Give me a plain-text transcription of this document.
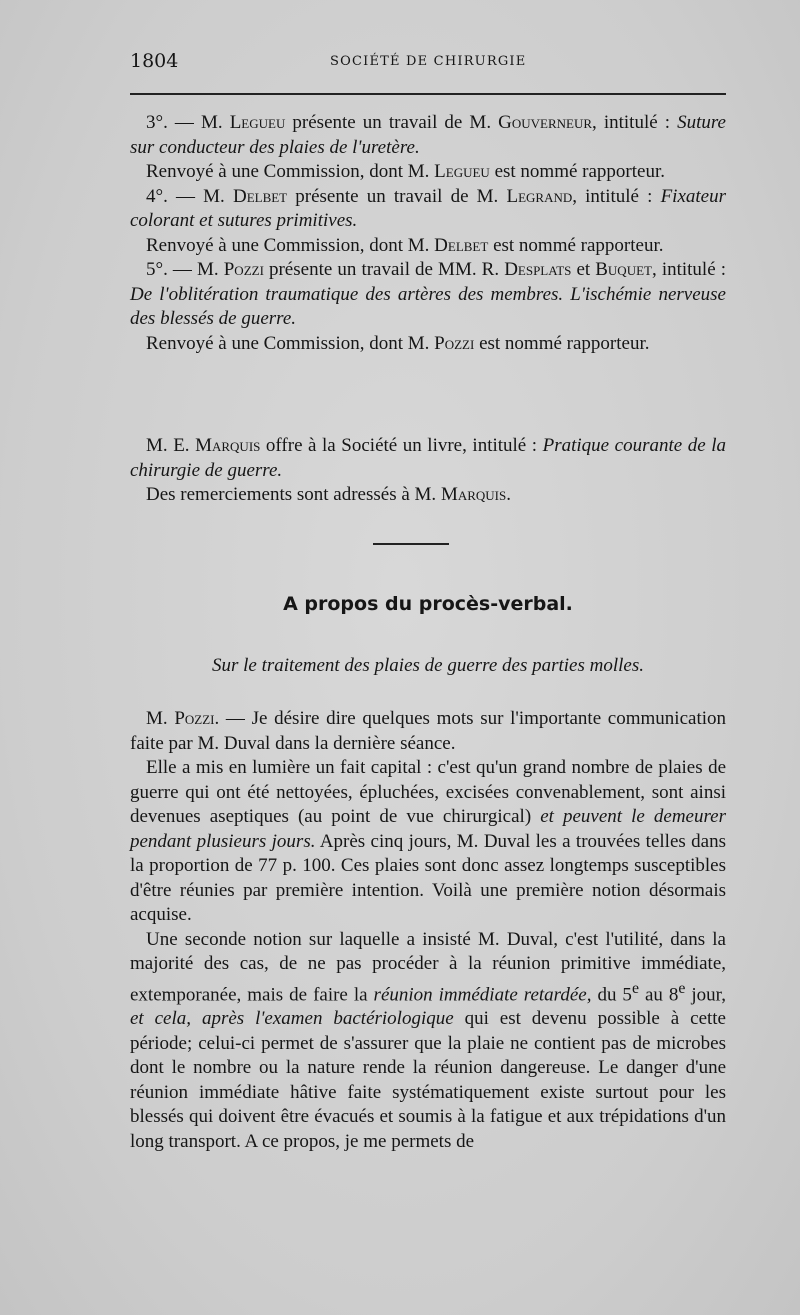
1804	SOCIÉTÉ DE CHIRURGIE

3°. — M. Legueu présente un travail de M. Gouverneur, intitulé : Suture sur conducteur des plaies de l'uretère.

Renvoyé à une Commission, dont M. Legueu est nommé rapporteur.

4°. — M. Delbet présente un travail de M. Legrand, intitulé : Fixateur colorant et sutures primitives.

Renvoyé à une Commission, dont M. Delbet est nommé rapporteur.

5°. — M. Pozzi présente un travail de MM. R. Desplats et Buquet, intitulé : De l'oblitération traumatique des artères des membres. L'ischémie nerveuse des blessés de guerre.

Renvoyé à une Commission, dont M. Pozzi est nommé rapporteur.

M. E. Marquis offre à la Société un livre, intitulé : Pratique courante de la chirurgie de guerre.

Des remerciements sont adressés à M. Marquis.

A propos du procès-verbal.
Sur le traitement des plaies de guerre des parties molles.

M. Pozzi. — Je désire dire quelques mots sur l'importante communication faite par M. Duval dans la dernière séance.

Elle a mis en lumière un fait capital : c'est qu'un grand nombre de plaies de guerre qui ont été nettoyées, épluchées, excisées convenablement, sont ainsi devenues aseptiques (au point de vue chirurgical) et peuvent le demeurer pendant plusieurs jours. Après cinq jours, M. Duval les a trouvées telles dans la proportion de 77 p. 100. Ces plaies sont donc assez longtemps susceptibles d'être réunies par première intention. Voilà une première notion désormais acquise.

Une seconde notion sur laquelle a insisté M. Duval, c'est l'utilité, dans la majorité des cas, de ne pas procéder à la réunion primitive immédiate, extemporanée, mais de faire la réunion immédiate retardée, du 5e au 8e jour, et cela, après l'examen bactériologique qui est devenu possible à cette période; celui-ci permet de s'assurer que la plaie ne contient pas de microbes dont le nombre ou la nature rende la réunion dangereuse. Le danger d'une réunion immédiate hâtive faite systématiquement existe surtout pour les blessés qui doivent être évacués et soumis à la fatigue et aux trépidations d'un long transport. A ce propos, je me permets de
